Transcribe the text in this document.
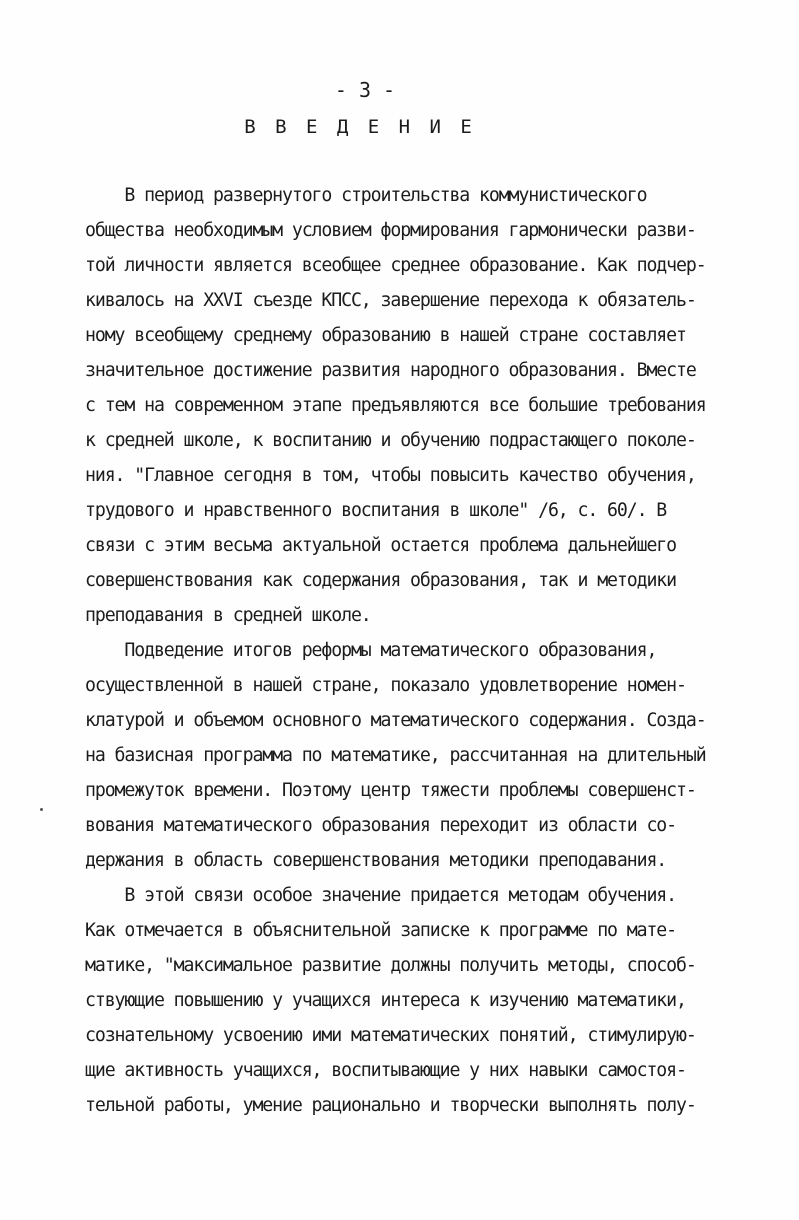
- 3 -
В В Е Д Е Н И Е
В период развернутого строительства коммунистического
общества необходимым условием формирования гармонически разви-
той личности является всеобщее среднее образование. Как подчер-
кивалось на XXVI съезде КПСС, завершение перехода к обязатель-
ному всеобщему среднему образованию в нашей стране составляет
значительное достижение развития народного образования. Вместе
с тем на современном этапе предъявляются все большие требования
к средней школе, к воспитанию и обучению подрастающего поколе-
ния. "Главное сегодня в том, чтобы повысить качество обучения,
трудового и нравственного воспитания в школе" /6, с. 60/. В
связи с этим весьма актуальной остается проблема дальнейшего
совершенствования как содержания образования, так и методики
преподавания в средней школе.
Подведение итогов реформы математического образования,
осуществленной в нашей стране, показало удовлетворение номен-
клатурой и объемом основного математического содержания. Созда-
на базисная программа по математике, рассчитанная на длительный
промежуток времени. Поэтому центр тяжести проблемы совершенст-
вования математического образования переходит из области со-
держания в область совершенствования методики преподавания.
В этой связи особое значение придается методам обучения.
Как отмечается в объяснительной записке к программе по мате-
матике, "максимальное развитие должны получить методы, способ-
ствующие повышению у учащихся интереса к изучению математики,
сознательному усвоению ими математических понятий, стимулирую-
щие активность учащихся, воспитывающие у них навыки самостоя-
тельной работы, умение рационально и творчески выполнять полу-
